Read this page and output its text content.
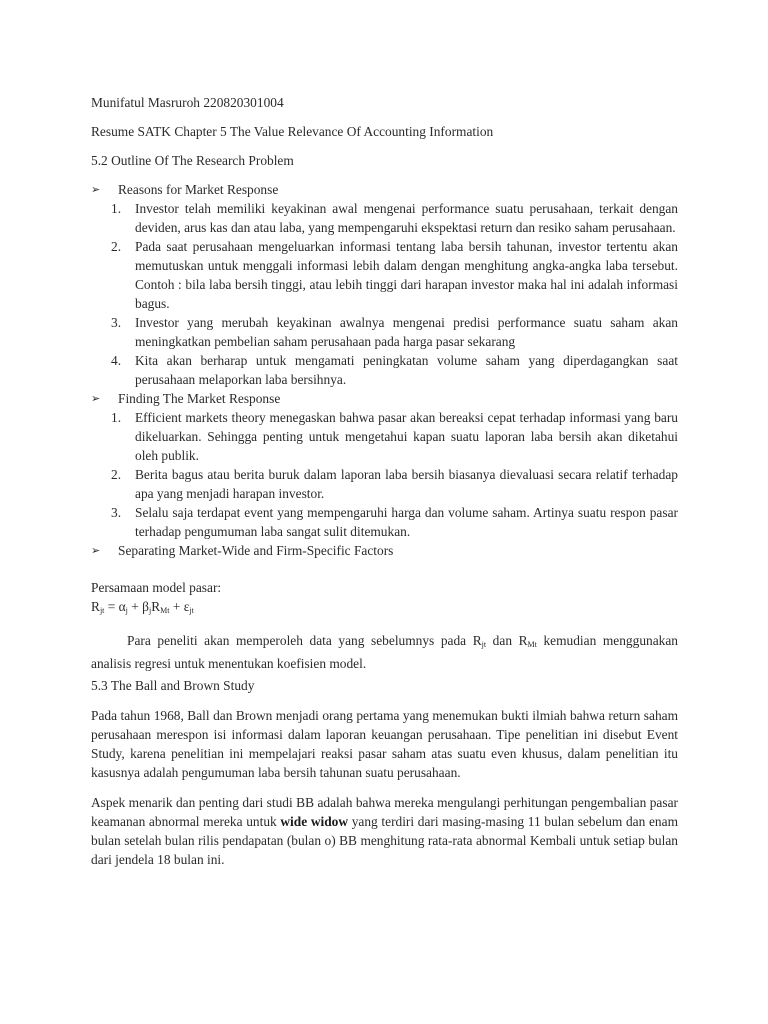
Munifatul Masruroh 220820301004

Resume SATK Chapter 5 The Value Relevance Of Accounting Information

5.2 Outline Of The Research Problem

➢ Reasons for Market Response

1. Investor telah memiliki keyakinan awal mengenai performance suatu perusahaan, terkait dengan deviden, arus kas dan atau laba, yang mempengaruhi ekspektasi return dan resiko saham perusahaan.
2. Pada saat perusahaan mengeluarkan informasi tentang laba bersih tahunan, investor tertentu akan memutuskan untuk menggali informasi lebih dalam dengan menghitung angka-angka laba tersebut. Contoh : bila laba bersih tinggi, atau lebih tinggi dari harapan investor maka hal ini adalah informasi bagus.
3. Investor yang merubah keyakinan awalnya mengenai predisi performance suatu saham akan meningkatkan pembelian saham perusahaan pada harga pasar sekarang
4. Kita akan berharap untuk mengamati peningkatan volume saham yang diperdagangkan saat perusahaan melaporkan laba bersihnya.

➢ Finding The Market Response

1. Efficient markets theory menegaskan bahwa pasar akan bereaksi cepat terhadap informasi yang baru dikeluarkan. Sehingga penting untuk mengetahui kapan suatu laporan laba bersih akan diketahui oleh publik.
2. Berita bagus atau berita buruk dalam laporan laba bersih biasanya dievaluasi secara relatif terhadap apa yang menjadi harapan investor.
3. Selalu saja terdapat event yang mempengaruhi harga dan volume saham. Artinya suatu respon pasar terhadap pengumuman laba sangat sulit ditemukan.

➢ Separating Market-Wide and Firm-Specific Factors

Persamaan model pasar:

$R_{jt} = \alpha_j + \beta_jR_{Mt} + \varepsilon_{jt}$

Para peneliti akan memperoleh data yang sebelumnys pada $R_{jt}$ dan $R_{Mt}$ kemudian menggunakan analisis regresi untuk menentukan koefisien model.

5.3 The Ball and Brown Study

Pada tahun 1968, Ball dan Brown menjadi orang pertama yang menemukan bukti ilmiah bahwa return saham perusahaan merespon isi informasi dalam laporan keuangan perusahaan. Tipe penelitian ini disebut Event Study, karena penelitian ini mempelajari reaksi pasar saham atas suatu even khusus, dalam penelitian itu kasusnya adalah pengumuman laba bersih tahunan suatu perusahaan.

Aspek menarik dan penting dari studi BB adalah bahwa mereka mengulangi perhitungan pengembalian pasar keamanan abnormal mereka untuk wide widow yang terdiri dari masing-masing 11 bulan sebelum dan enam bulan setelah bulan rilis pendapatan (bulan o) BB menghitung rata-rata abnormal Kembali untuk setiap bulan dari jendela 18 bulan ini.
